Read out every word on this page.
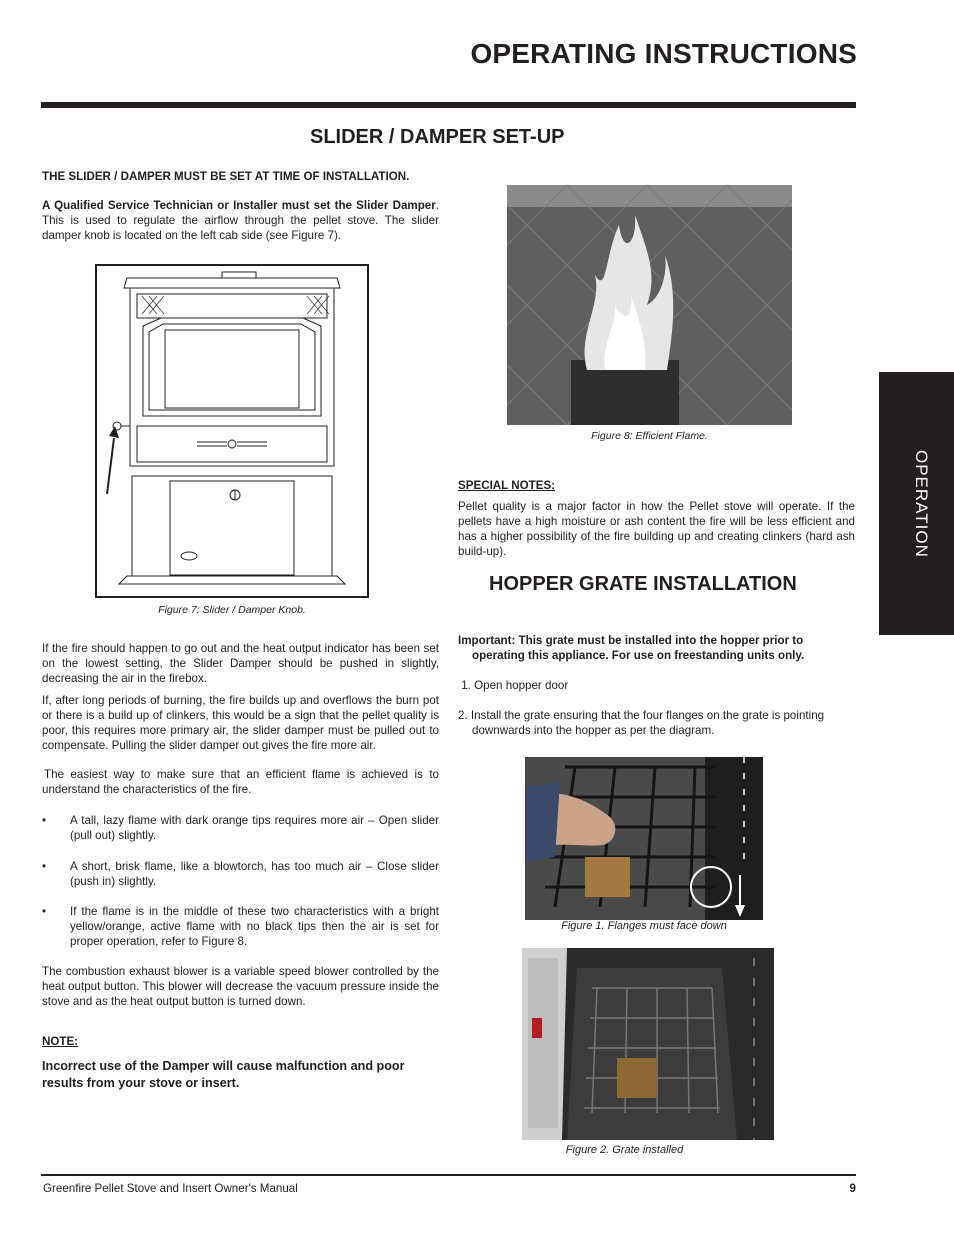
OPERATING INSTRUCTIONS
OPERATION
SLIDER / DAMPER SET-UP
THE SLIDER / DAMPER MUST BE SET AT TIME OF INSTALLATION.
A Qualified Service Technician or Installer must set the Slider Damper. This is used to regulate the airflow through the pellet stove. The slider damper knob is located on the left cab side (see Figure 7).
Figure 7: Slider / Damper Knob.
If the fire should happen to go out and the heat output indicator has been set on the lowest setting, the Slider Damper should be pushed in slightly, decreasing the air in the firebox.
If, after long periods of burning, the fire builds up and overflows the burn pot or there is a build up of clinkers, this would be a sign that the pellet quality is poor, this requires more primary air, the slider damper must be pulled out to compensate. Pulling the slider damper out gives the fire more air.
The easiest way to make sure that an efficient flame is achieved is to understand the characteristics of the fire.
• A tall, lazy flame with dark orange tips requires more air – Open slider (pull out) slightly.
• A short, brisk flame, like a blowtorch, has too much air – Close slider (push in) slightly.
• If the flame is in the middle of these two characteristics with a bright yellow/orange, active flame with no black tips then the air is set for proper operation, refer to Figure 8.
The combustion exhaust blower is a variable speed blower controlled by the heat output button. This blower will decrease the vacuum pressure inside the stove and as the heat output button is turned down.
NOTE:
Incorrect use of the Damper will cause malfunction and poor results from your stove or insert.
Figure 8: Efficient Flame.
SPECIAL NOTES:
Pellet quality is a major factor in how the Pellet stove will operate. If the pellets have a high moisture or ash content the fire will be less efficient and has a higher possibility of the fire building up and creating clinkers (hard ash build-up).
HOPPER GRATE INSTALLATION
Important: This grate must be installed into the hopper prior to
operating this appliance. For use on freestanding units only.
1. Open hopper door
2. Install the grate ensuring that the four flanges on the grate is pointing
downwards into the hopper as per the diagram.
Figure 1. Flanges must face down
Figure 2. Grate installed
Greenfire Pellet Stove and Insert Owner's Manual	9
